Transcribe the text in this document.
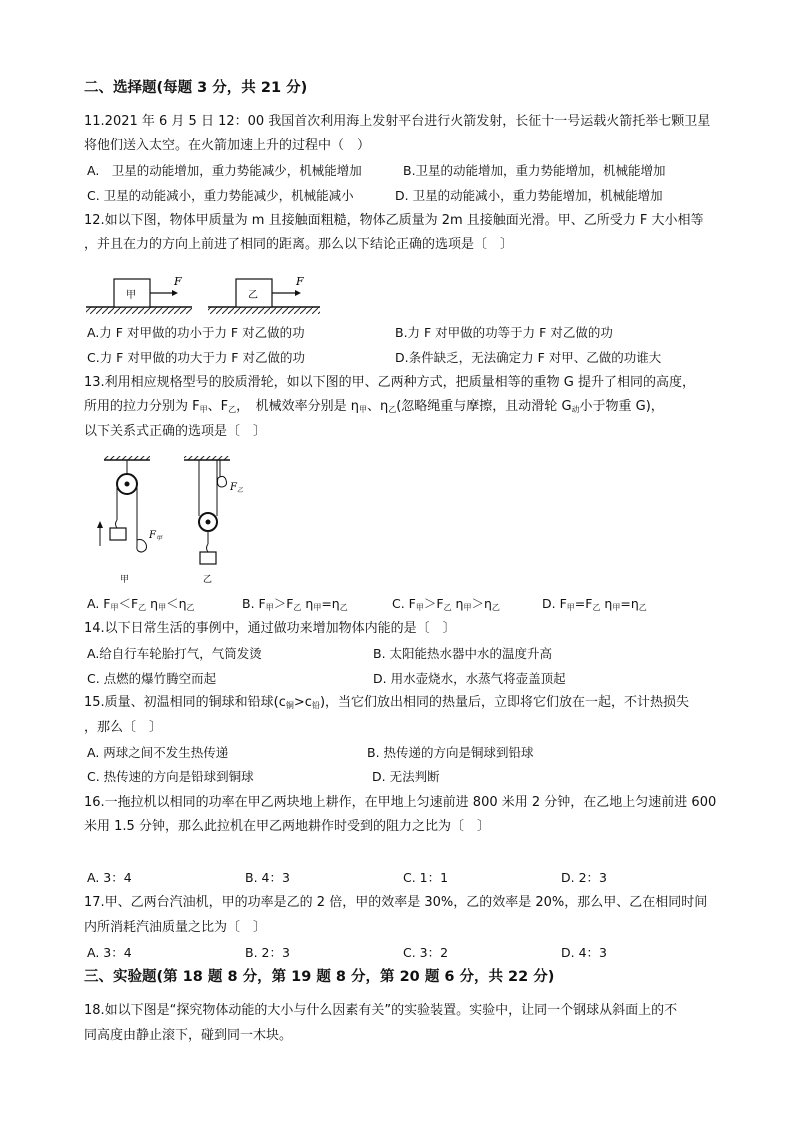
二、选择题(每题 3 分，共 21 分)
11.2021 年 6 月 5 日 12：00 我国首次利用海上发射平台进行火箭发射，长征十一号运载火箭托举七颗卫星
将他们送入太空。在火箭加速上升的过程中（　）
A.　卫星的动能增加，重力势能减少，机械能增加	B.卫星的动能增加，重力势能增加，机械能增加
C. 卫星的动能减小，重力势能减少，机械能减小	D. 卫星的动能减小，重力势能增加，机械能增加
12.如以下图，物体甲质量为 m 且接触面粗糙，物体乙质量为 2m 且接触面光滑。甲、乙所受力 F 大小相等
，并且在力的方向上前进了相同的距离。那么以下结论正确的选项是〔　〕
甲
F
乙
F
A.力 F 对甲做的功小于力 F 对乙做的功	B.力 F 对甲做的功等于力 F 对乙做的功
C.力 F 对甲做的功大于力 F 对乙做的功	D.条件缺乏，无法确定力 F 对甲、乙做的功谁大
13.利用相应规格型号的胶质滑轮，如以下图的甲、乙两种方式，把质量相等的重物 G 提升了相同的高度，
所用的拉力分别为 $F_甲$、$F_乙$，　机械效率分别是 $\eta_甲$、$\eta_乙$(忽略绳重与摩擦，且动滑轮 $G_动$小于物重 G)，
以下关系式正确的选项是〔　〕
$F_甲$
甲
$F_乙$
乙
A. $F_甲<F_乙$ $\eta_甲<\eta_乙$	B. $F_甲>F_乙$ $\eta_甲=\eta_乙$	C. $F_甲>F_乙$ $\eta_甲>\eta_乙$	D. $F_甲=F_乙$ $\eta_甲=\eta_乙$
14.以下日常生活的事例中，通过做功来增加物体内能的是〔　〕
A.给自行车轮胎打气，气筒发烫	B. 太阳能热水器中水的温度升高
C. 点燃的爆竹腾空而起	D. 用水壶烧水，水蒸气将壶盖顶起
15.质量、初温相同的铜球和铅球$(c_铜>c_铅)$，当它们放出相同的热量后，立即将它们放在一起，不计热损失
，那么〔　〕
A. 两球之间不发生热传递	B. 热传递的方向是铜球到铅球
C. 热传速的方向是铅球到铜球	D. 无法判断
16.一拖拉机以相同的功率在甲乙两块地上耕作，在甲地上匀速前进 800 米用 2 分钟，在乙地上匀速前进 600
米用 1.5 分钟，那么此拉机在甲乙两地耕作时受到的阻力之比为〔　〕
A. 3：4	B. 4：3	C. 1：1	D. 2：3
17.甲、乙两台汽油机，甲的功率是乙的 2 倍，甲的效率是 30%，乙的效率是 20%，那么甲、乙在相同时间
内所消耗汽油质量之比为〔　〕
A. 3：4	B. 2：3	C. 3：2	D. 4：3
三、实验题(第 18 题 8 分，第 19 题 8 分，第 20 题 6 分，共 22 分)
18.如以下图是“探究物体动能的大小与什么因素有关”的实验装置。实验中，让同一个钢球从斜面上的不
同高度由静止滚下，碰到同一木块。
